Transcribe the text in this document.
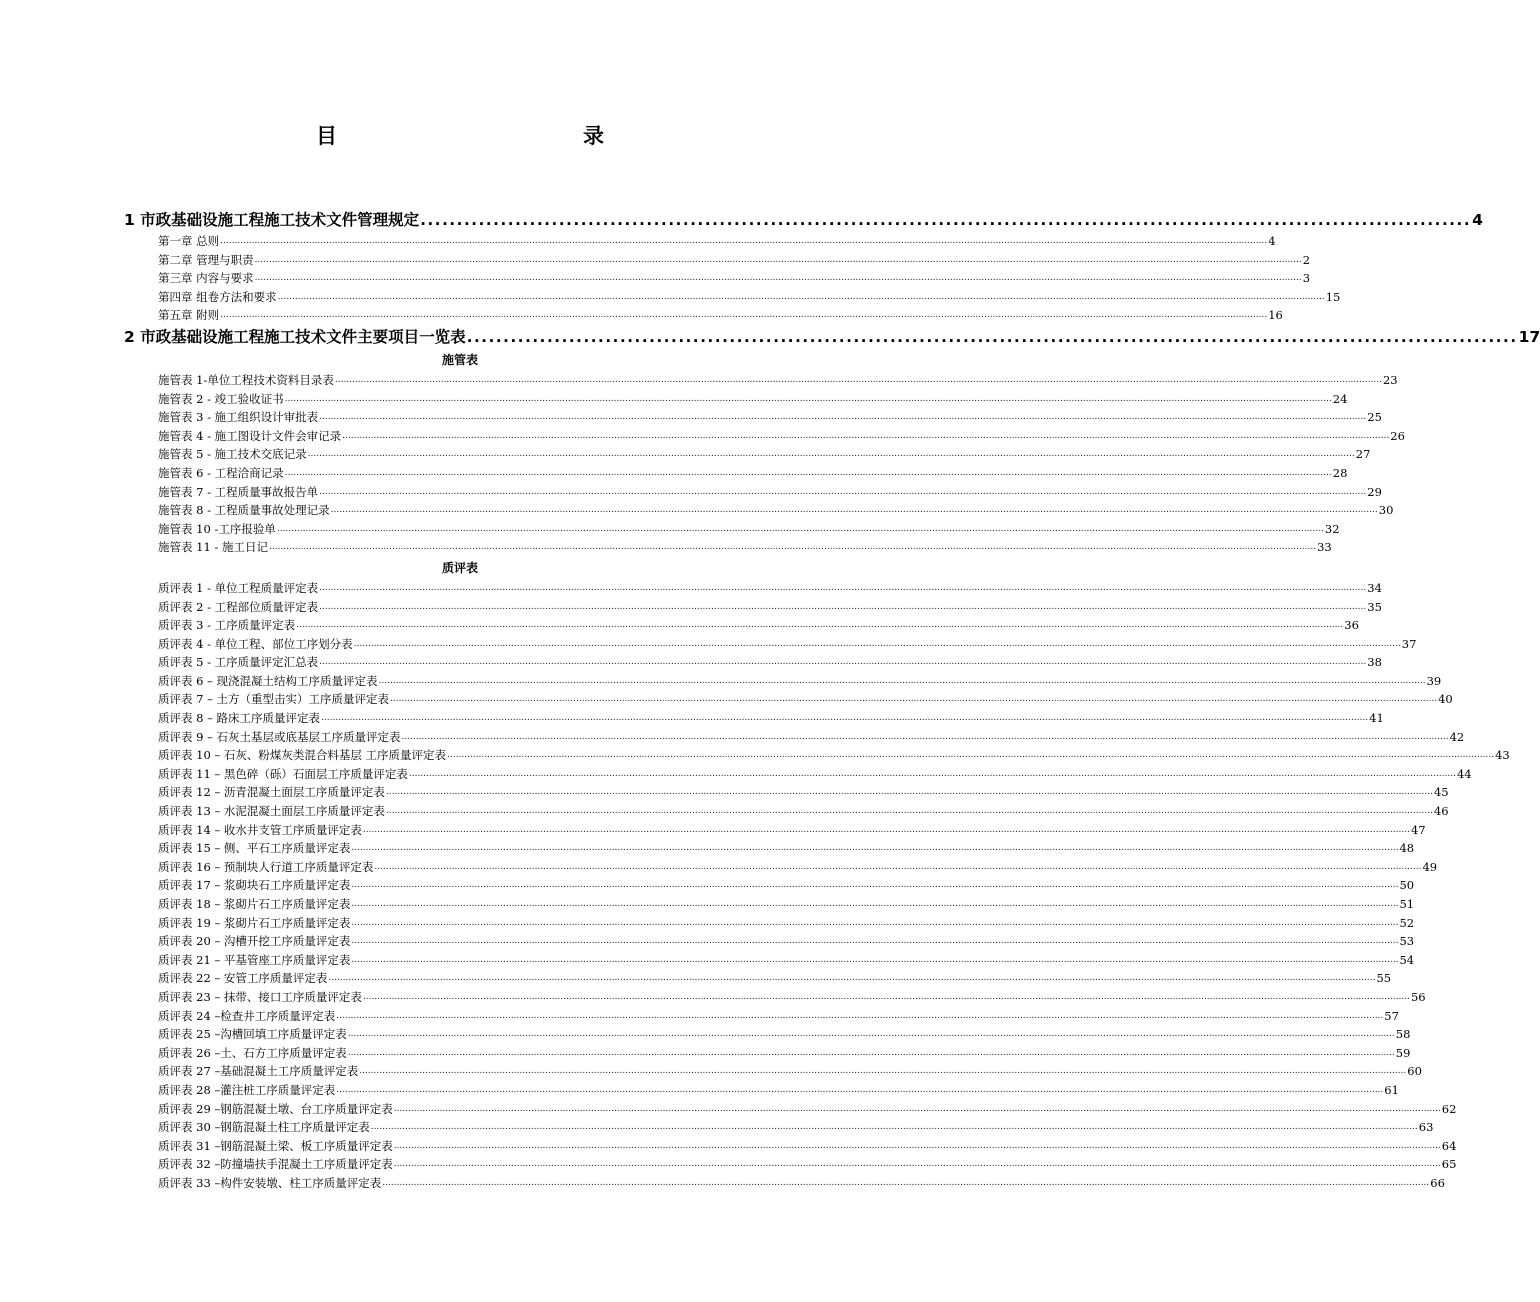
目　　录
1 市政基础设施工程施工技术文件管理规定 ................................................................................................................................................ 4
第一章 总则 .............................................................................................................................................................................................................................................................................................................................................................................. 4
第二章 管理与职责 .............................................................................................................................................................................................................................................................................................................................................................................. 2
第三章 内容与要求 .............................................................................................................................................................................................................................................................................................................................................................................. 3
第四章 组卷方法和要求 .............................................................................................................................................................................................................................................................................................................................................................................. 15
第五章 附则 .............................................................................................................................................................................................................................................................................................................................................................................. 16
2 市政基础设施工程施工技术文件主要项目一览表 ................................................................................................................................................ 17
施管表
施管表 1-单位工程技术资料目录表 .............................................................................................................................................................................................................................................................................................................................................................................. 23
施管表 2 - 竣工验收证书 .............................................................................................................................................................................................................................................................................................................................................................................. 24
施管表 3 - 施工组织设计审批表 .............................................................................................................................................................................................................................................................................................................................................................................. 25
施管表 4 - 施工图设计文件会审记录 .............................................................................................................................................................................................................................................................................................................................................................................. 26
施管表 5 - 施工技术交底记录 .............................................................................................................................................................................................................................................................................................................................................................................. 27
施管表 6 - 工程洽商记录 .............................................................................................................................................................................................................................................................................................................................................................................. 28
施管表 7 - 工程质量事故报告单 .............................................................................................................................................................................................................................................................................................................................................................................. 29
施管表 8 - 工程质量事故处理记录 .............................................................................................................................................................................................................................................................................................................................................................................. 30
施管表 10 -工序报验单 .............................................................................................................................................................................................................................................................................................................................................................................. 32
施管表 11 - 施工日记 .............................................................................................................................................................................................................................................................................................................................................................................. 33
质评表
质评表 1 - 单位工程质量评定表 .............................................................................................................................................................................................................................................................................................................................................................................. 34
质评表 2 - 工程部位质量评定表 .............................................................................................................................................................................................................................................................................................................................................................................. 35
质评表 3 - 工序质量评定表 .............................................................................................................................................................................................................................................................................................................................................................................. 36
质评表 4 - 单位工程、部位工序划分表 .............................................................................................................................................................................................................................................................................................................................................................................. 37
质评表 5 - 工序质量评定汇总表 .............................................................................................................................................................................................................................................................................................................................................................................. 38
质评表 6 – 现浇混凝土结构工序质量评定表 .............................................................................................................................................................................................................................................................................................................................................................................. 39
质评表 7 – 土方（重型击实）工序质量评定表 .............................................................................................................................................................................................................................................................................................................................................................................. 40
质评表 8 – 路床工序质量评定表 .............................................................................................................................................................................................................................................................................................................................................................................. 41
质评表 9 – 石灰土基层或底基层工序质量评定表 .............................................................................................................................................................................................................................................................................................................................................................................. 42
质评表 10 – 石灰、粉煤灰类混合料基层 工序质量评定表 .............................................................................................................................................................................................................................................................................................................................................................................. 43
质评表 11 – 黑色碎（砾）石面层工序质量评定表 .............................................................................................................................................................................................................................................................................................................................................................................. 44
质评表 12 – 沥青混凝土面层工序质量评定表 .............................................................................................................................................................................................................................................................................................................................................................................. 45
质评表 13 – 水泥混凝土面层工序质量评定表 .............................................................................................................................................................................................................................................................................................................................................................................. 46
质评表 14 – 收水井支管工序质量评定表 .............................................................................................................................................................................................................................................................................................................................................................................. 47
质评表 15 – 侧、平石工序质量评定表 .............................................................................................................................................................................................................................................................................................................................................................................. 48
质评表 16 – 预制块人行道工序质量评定表 .............................................................................................................................................................................................................................................................................................................................................................................. 49
质评表 17 – 浆砌块石工序质量评定表 .............................................................................................................................................................................................................................................................................................................................................................................. 50
质评表 18 – 浆砌片石工序质量评定表 .............................................................................................................................................................................................................................................................................................................................................................................. 51
质评表 19 – 浆砌片石工序质量评定表 .............................................................................................................................................................................................................................................................................................................................................................................. 52
质评表 20 – 沟槽开挖工序质量评定表 .............................................................................................................................................................................................................................................................................................................................................................................. 53
质评表 21 – 平基管座工序质量评定表 .............................................................................................................................................................................................................................................................................................................................................................................. 54
质评表 22 – 安管工序质量评定表 .............................................................................................................................................................................................................................................................................................................................................................................. 55
质评表 23 – 抹带、接口工序质量评定表 .............................................................................................................................................................................................................................................................................................................................................................................. 56
质评表 24 –检查井工序质量评定表 .............................................................................................................................................................................................................................................................................................................................................................................. 57
质评表 25 –沟槽回填工序质量评定表 .............................................................................................................................................................................................................................................................................................................................................................................. 58
质评表 26 –土、石方工序质量评定表 .............................................................................................................................................................................................................................................................................................................................................................................. 59
质评表 27 –基础混凝土工序质量评定表 .............................................................................................................................................................................................................................................................................................................................................................................. 60
质评表 28 –灌注桩工序质量评定表 .............................................................................................................................................................................................................................................................................................................................................................................. 61
质评表 29 –钢筋混凝土墩、台工序质量评定表 .............................................................................................................................................................................................................................................................................................................................................................................. 62
质评表 30 –钢筋混凝土柱工序质量评定表 .............................................................................................................................................................................................................................................................................................................................................................................. 63
质评表 31 –钢筋混凝土梁、板工序质量评定表 .............................................................................................................................................................................................................................................................................................................................................................................. 64
质评表 32 –防撞墙扶手混凝土工序质量评定表 .............................................................................................................................................................................................................................................................................................................................................................................. 65
质评表 33 –构件安装墩、柱工序质量评定表 .............................................................................................................................................................................................................................................................................................................................................................................. 66
